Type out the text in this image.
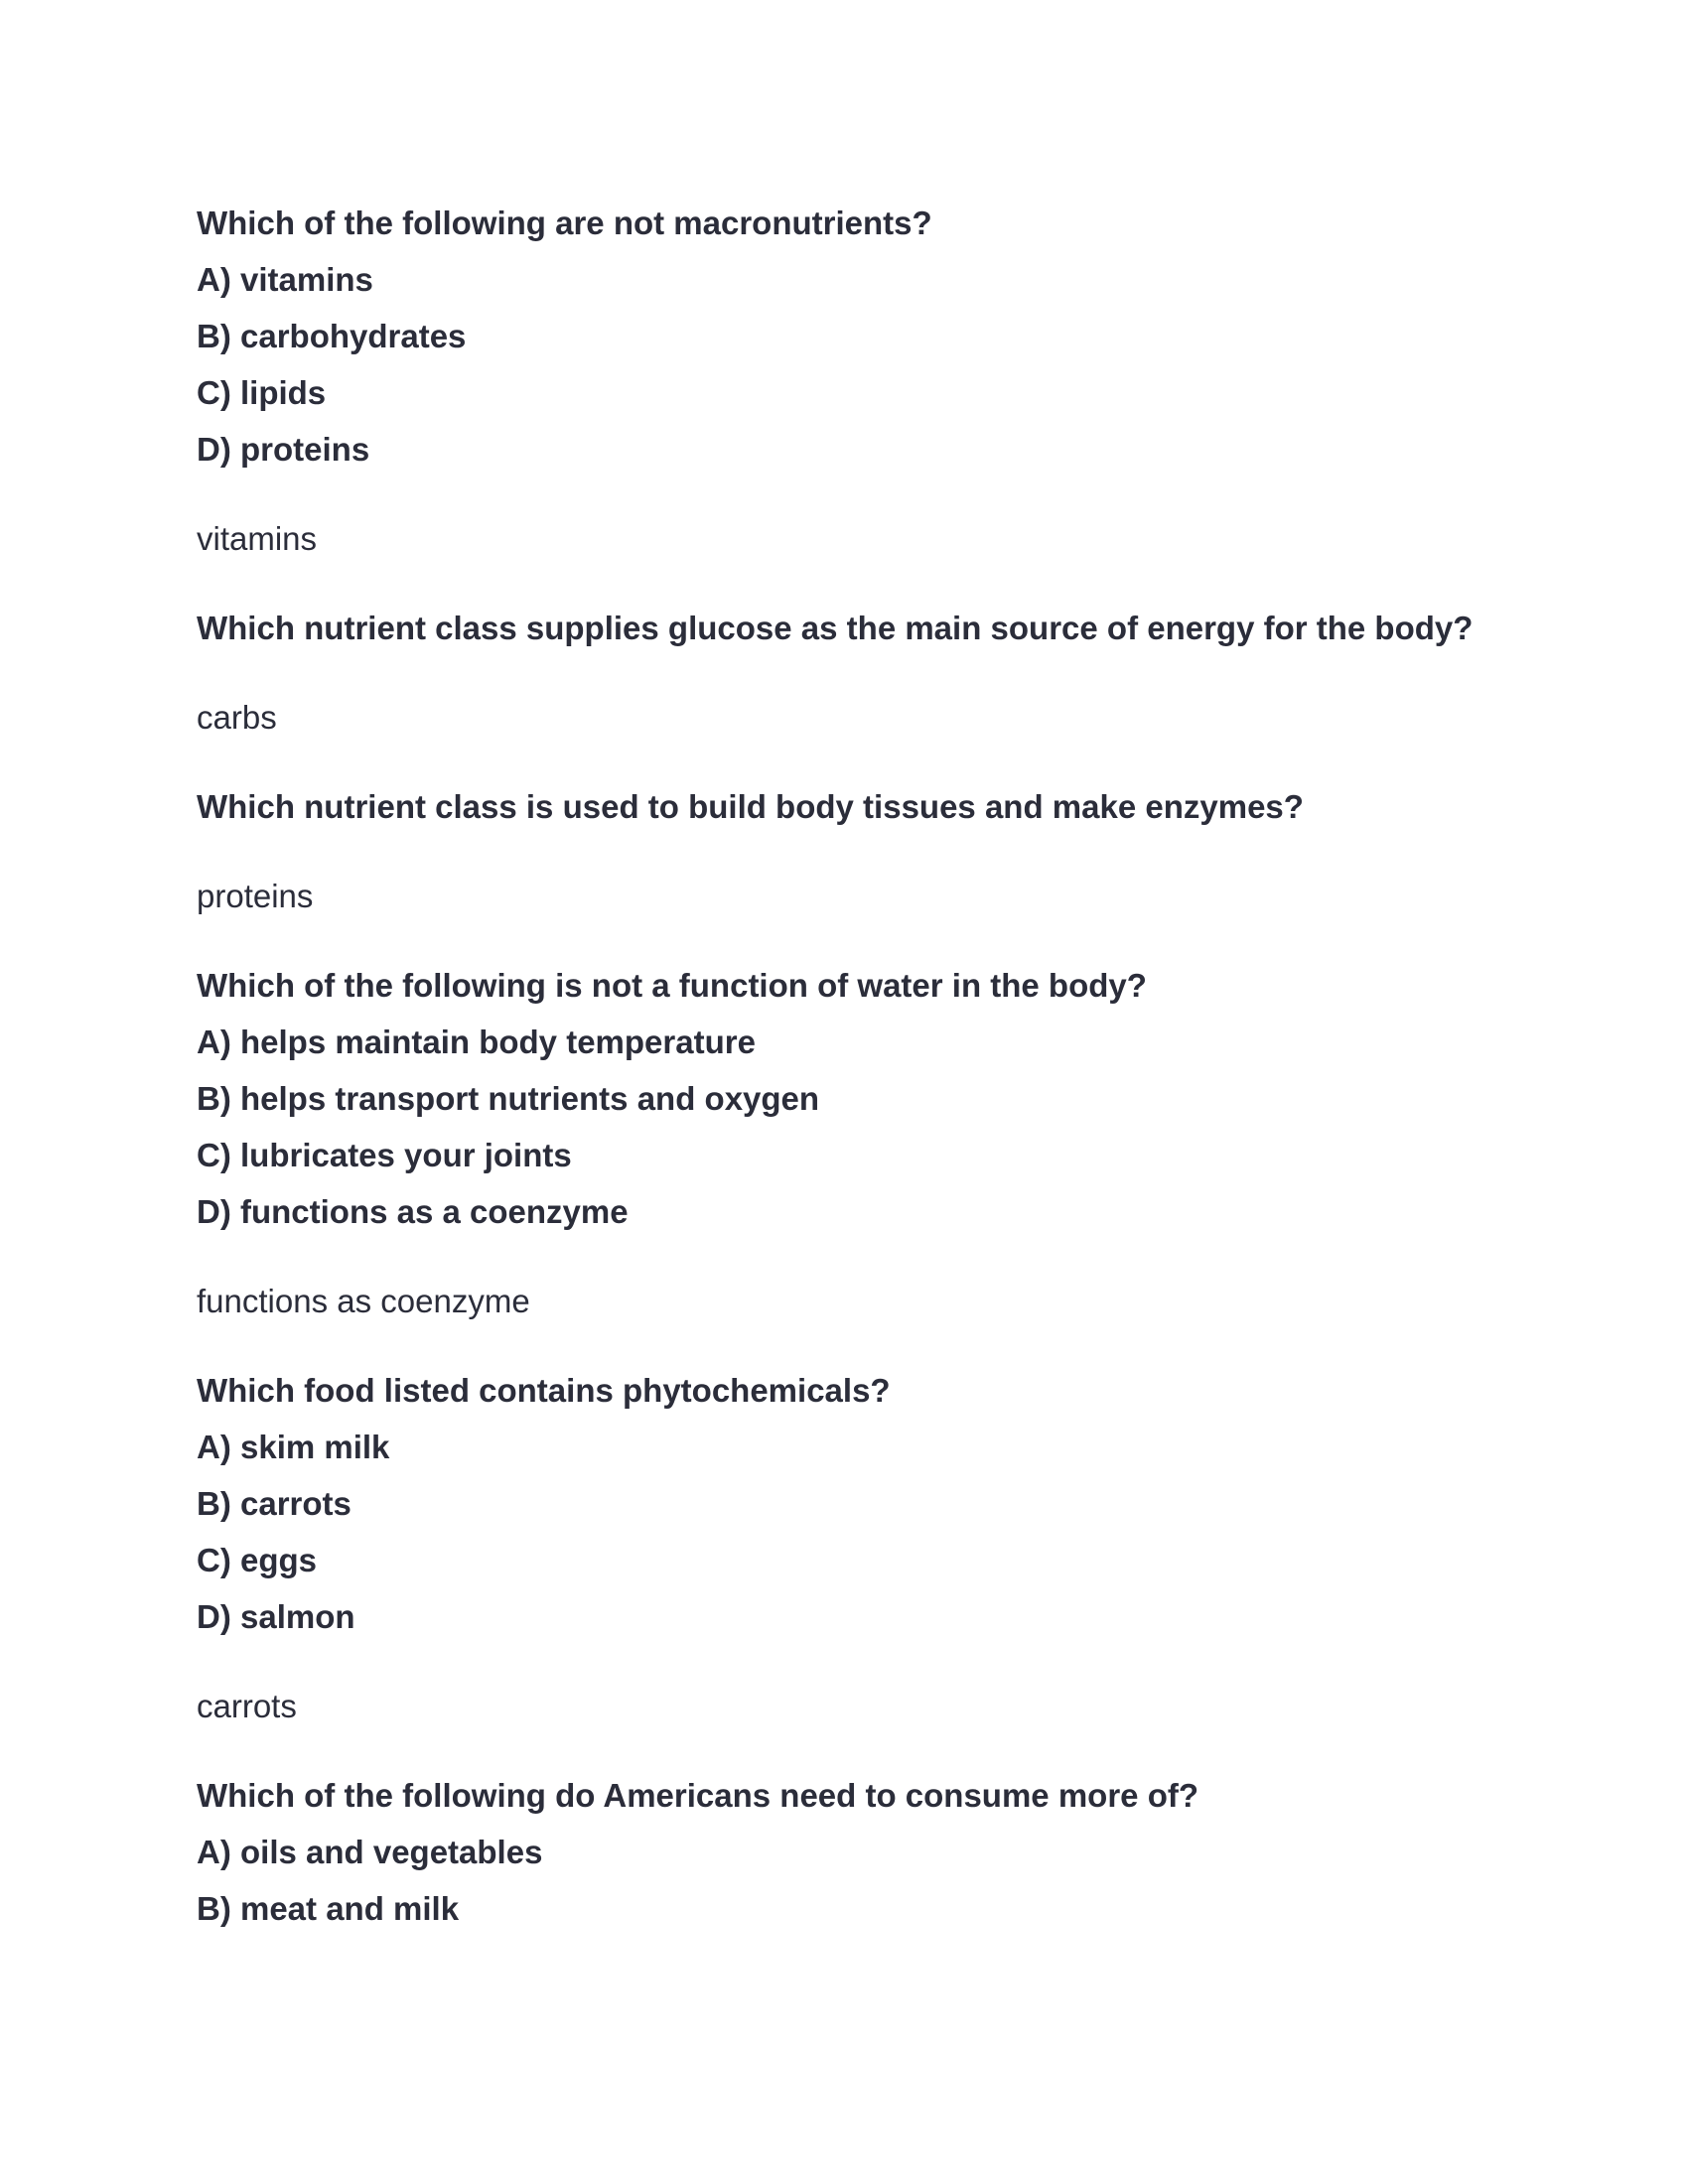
Which of the following are not macronutrients?

A) vitamins

B) carbohydrates

C) lipids

D) proteins

vitamins

Which nutrient class supplies glucose as the main source of energy for the body?

carbs

Which nutrient class is used to build body tissues and make enzymes?

proteins

Which of the following is not a function of water in the body?

A) helps maintain body temperature

B) helps transport nutrients and oxygen

C) lubricates your joints

D) functions as a coenzyme

functions as coenzyme

Which food listed contains phytochemicals?

A) skim milk

B) carrots

C) eggs

D) salmon

carrots

Which of the following do Americans need to consume more of?

A) oils and vegetables

B) meat and milk
